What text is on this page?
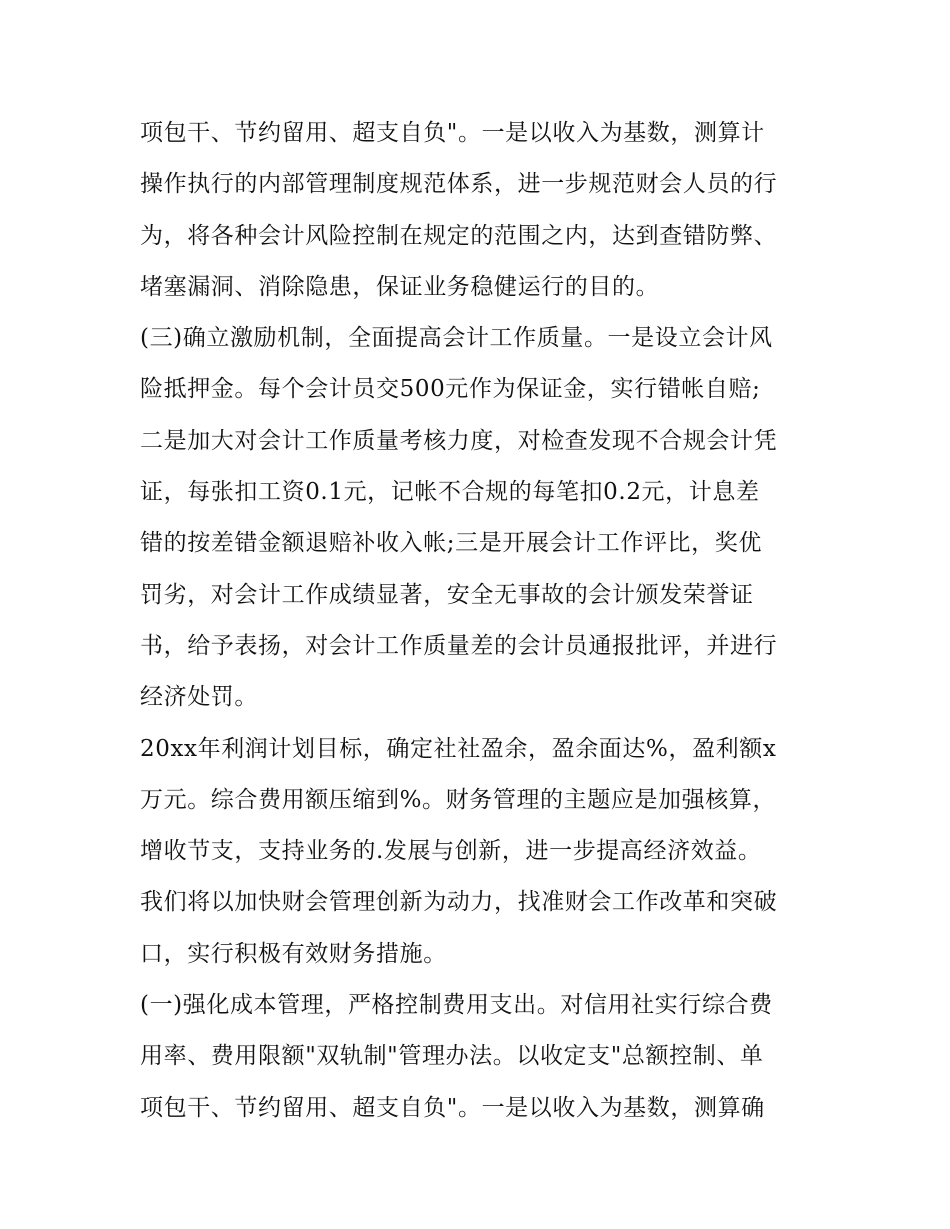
项包干、节约留用、超支自负"。一是以收入为基数，测算计
操作执行的内部管理制度规范体系，进一步规范财会人员的行
为，将各种会计风险控制在规定的范围之内，达到查错防弊、
堵塞漏洞、消除隐患，保证业务稳健运行的目的。
(三)确立激励机制，全面提高会计工作质量。一是设立会计风
险抵押金。每个会计员交500元作为保证金，实行错帐自赔;
二是加大对会计工作质量考核力度，对检查发现不合规会计凭
证，每张扣工资0.1元，记帐不合规的每笔扣0.2元，计息差
错的按差错金额退赔补收入帐;三是开展会计工作评比，奖优
罚劣，对会计工作成绩显著，安全无事故的会计颁发荣誉证
书，给予表扬，对会计工作质量差的会计员通报批评，并进行
经济处罚。
20xx年利润计划目标，确定社社盈余，盈余面达%，盈利额x
万元。综合费用额压缩到%。财务管理的主题应是加强核算，
增收节支，支持业务的.发展与创新，进一步提高经济效益。
我们将以加快财会管理创新为动力，找准财会工作改革和突破
口，实行积极有效财务措施。
(一)强化成本管理，严格控制费用支出。对信用社实行综合费
用率、费用限额"双轨制"管理办法。以收定支"总额控制、单
项包干、节约留用、超支自负"。一是以收入为基数，测算确
